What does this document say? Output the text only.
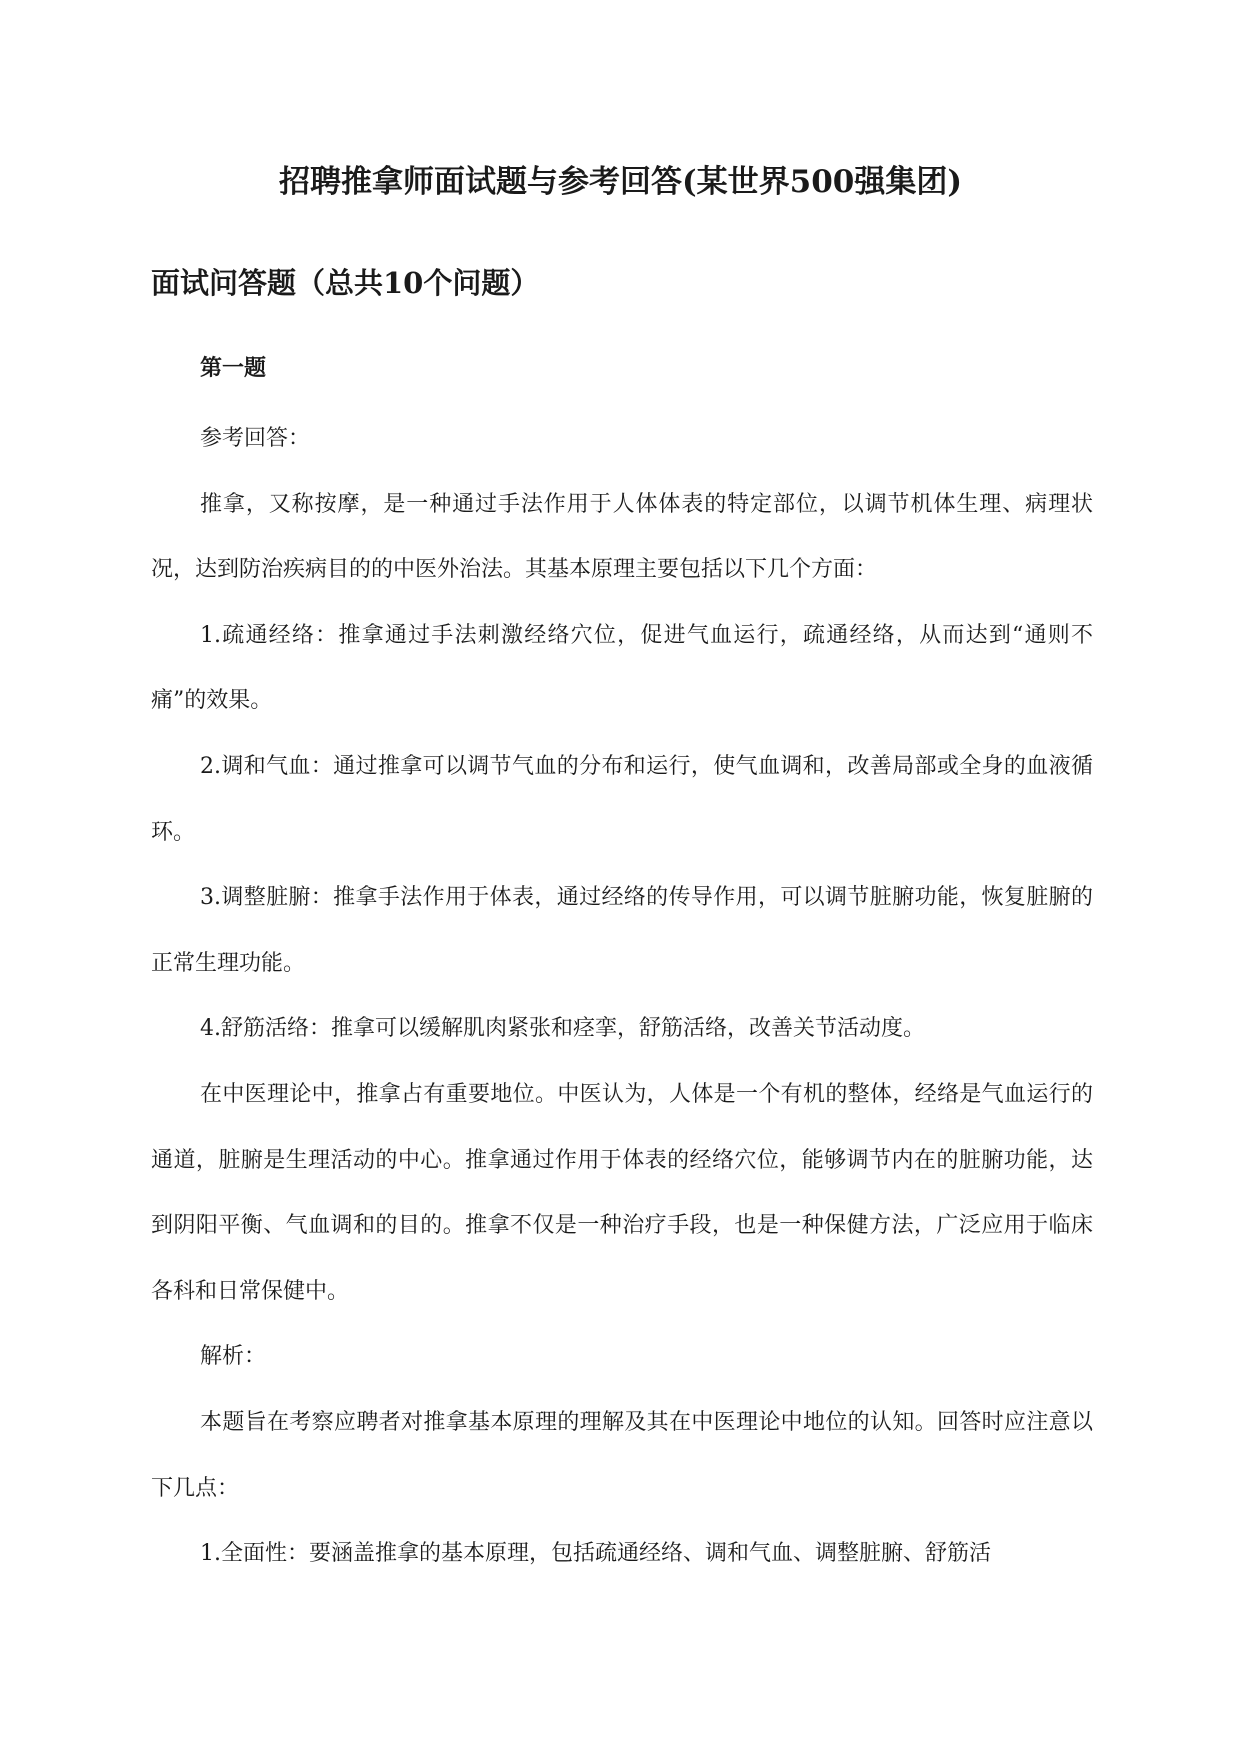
招聘推拿师面试题与参考回答(某世界500强集团)
面试问答题（总共10个问题）
第一题

参考回答：

推拿，又称按摩，是一种通过手法作用于人体体表的特定部位，以调节机体生理、病理状况，达到防治疾病目的的中医外治法。其基本原理主要包括以下几个方面：

1.疏通经络：推拿通过手法刺激经络穴位，促进气血运行，疏通经络，从而达到“通则不痛”的效果。

2.调和气血：通过推拿可以调节气血的分布和运行，使气血调和，改善局部或全身的血液循环。

3.调整脏腑：推拿手法作用于体表，通过经络的传导作用，可以调节脏腑功能，恢复脏腑的正常生理功能。

4.舒筋活络：推拿可以缓解肌肉紧张和痉挛，舒筋活络，改善关节活动度。

在中医理论中，推拿占有重要地位。中医认为，人体是一个有机的整体，经络是气血运行的通道，脏腑是生理活动的中心。推拿通过作用于体表的经络穴位，能够调节内在的脏腑功能，达到阴阳平衡、气血调和的目的。推拿不仅是一种治疗手段，也是一种保健方法，广泛应用于临床各科和日常保健中。

解析：

本题旨在考察应聘者对推拿基本原理的理解及其在中医理论中地位的认知。回答时应注意以下几点：

1.全面性：要涵盖推拿的基本原理，包括疏通经络、调和气血、调整脏腑、舒筋活
